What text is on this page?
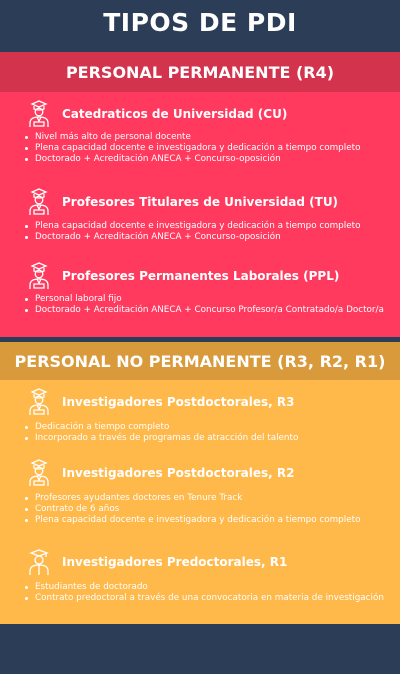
TIPOS DE PDI
PERSONAL PERMANENTE (R4)
Catedraticos de Universidad (CU)
Nivel más alto de personal docente
Plena capacidad docente e investigadora y dedicación a tiempo completo
Doctorado + Acreditación ANECA + Concurso-oposición
Profesores Titulares de Universidad (TU)
Plena capacidad docente e investigadora y dedicación a tiempo completo
Doctorado + Acreditación ANECA + Concurso-oposición
Profesores Permanentes Laborales (PPL)
Personal laboral fijo
Doctorado + Acreditación ANECA + Concurso Profesor/a Contratado/a Doctor/a
PERSONAL NO PERMANENTE (R3, R2, R1)
Investigadores Postdoctorales, R3
Dedicación a tiempo completo
Incorporado a través de programas de atracción del talento
Investigadores Postdoctorales, R2
Profesores ayudantes doctores en Tenure Track
Contrato de 6 años
Plena capacidad docente e investigadora y dedicación a tiempo completo
Investigadores Predoctorales, R1
Estudiantes de doctorado
Contrato predoctoral a través de una convocatoria en materia de investigación
